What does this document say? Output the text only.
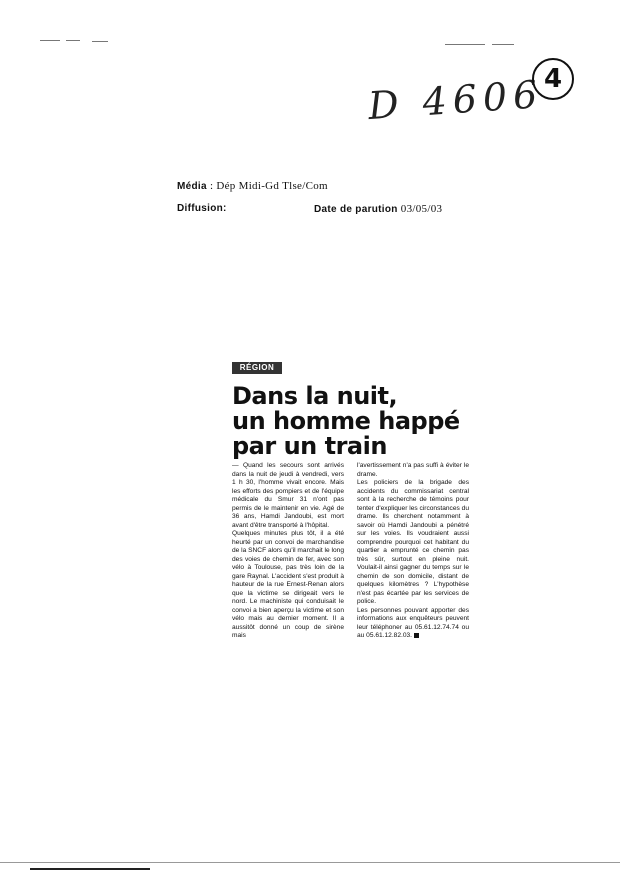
D 4606 4
Média : Dép Midi-Gd Tlse/Com
Diffusion:	Date de parution 03/05/03
RÉGION
Dans la nuit,
un homme happé
par un train

— Quand les secours sont arrivés dans la nuit de jeudi à vendredi, vers 1 h 30, l'homme vivait encore. Mais les efforts des pompiers et de l'équipe médicale du Smur 31 n'ont pas permis de le maintenir en vie. Agé de 36 ans, Hamdi Jandoubi, est mort avant d'être transporté à l'hôpital.

Quelques minutes plus tôt, il a été heurté par un convoi de marchandise de la SNCF alors qu'il marchait le long des voies de chemin de fer, avec son vélo à Toulouse, pas très loin de la gare Raynal. L'accident s'est produit à hauteur de la rue Ernest-Renan alors que la victime se dirigeait vers le nord. Le machiniste qui conduisait le convoi a bien aperçu la victime et son vélo mais au dernier moment. Il a aussitôt donné un coup de sirène mais

l'avertissement n'a pas suffi à éviter le drame.

Les policiers de la brigade des accidents du commissariat central sont à la recherche de témoins pour tenter d'expliquer les circonstances du drame. Ils cherchent notamment à savoir où Hamdi Jandoubi a pénétré sur les voies. Ils voudraient aussi comprendre pourquoi cet habitant du quartier a emprunté ce chemin pas très sûr, surtout en pleine nuit. Voulait-il ainsi gagner du temps sur le chemin de son domicile, distant de quelques kilomètres ? L'hypothèse n'est pas écartée par les services de police.

Les personnes pouvant apporter des informations aux enquêteurs peuvent leur téléphoner au 05.61.12.74.74 ou au 05.61.12.82.03.
